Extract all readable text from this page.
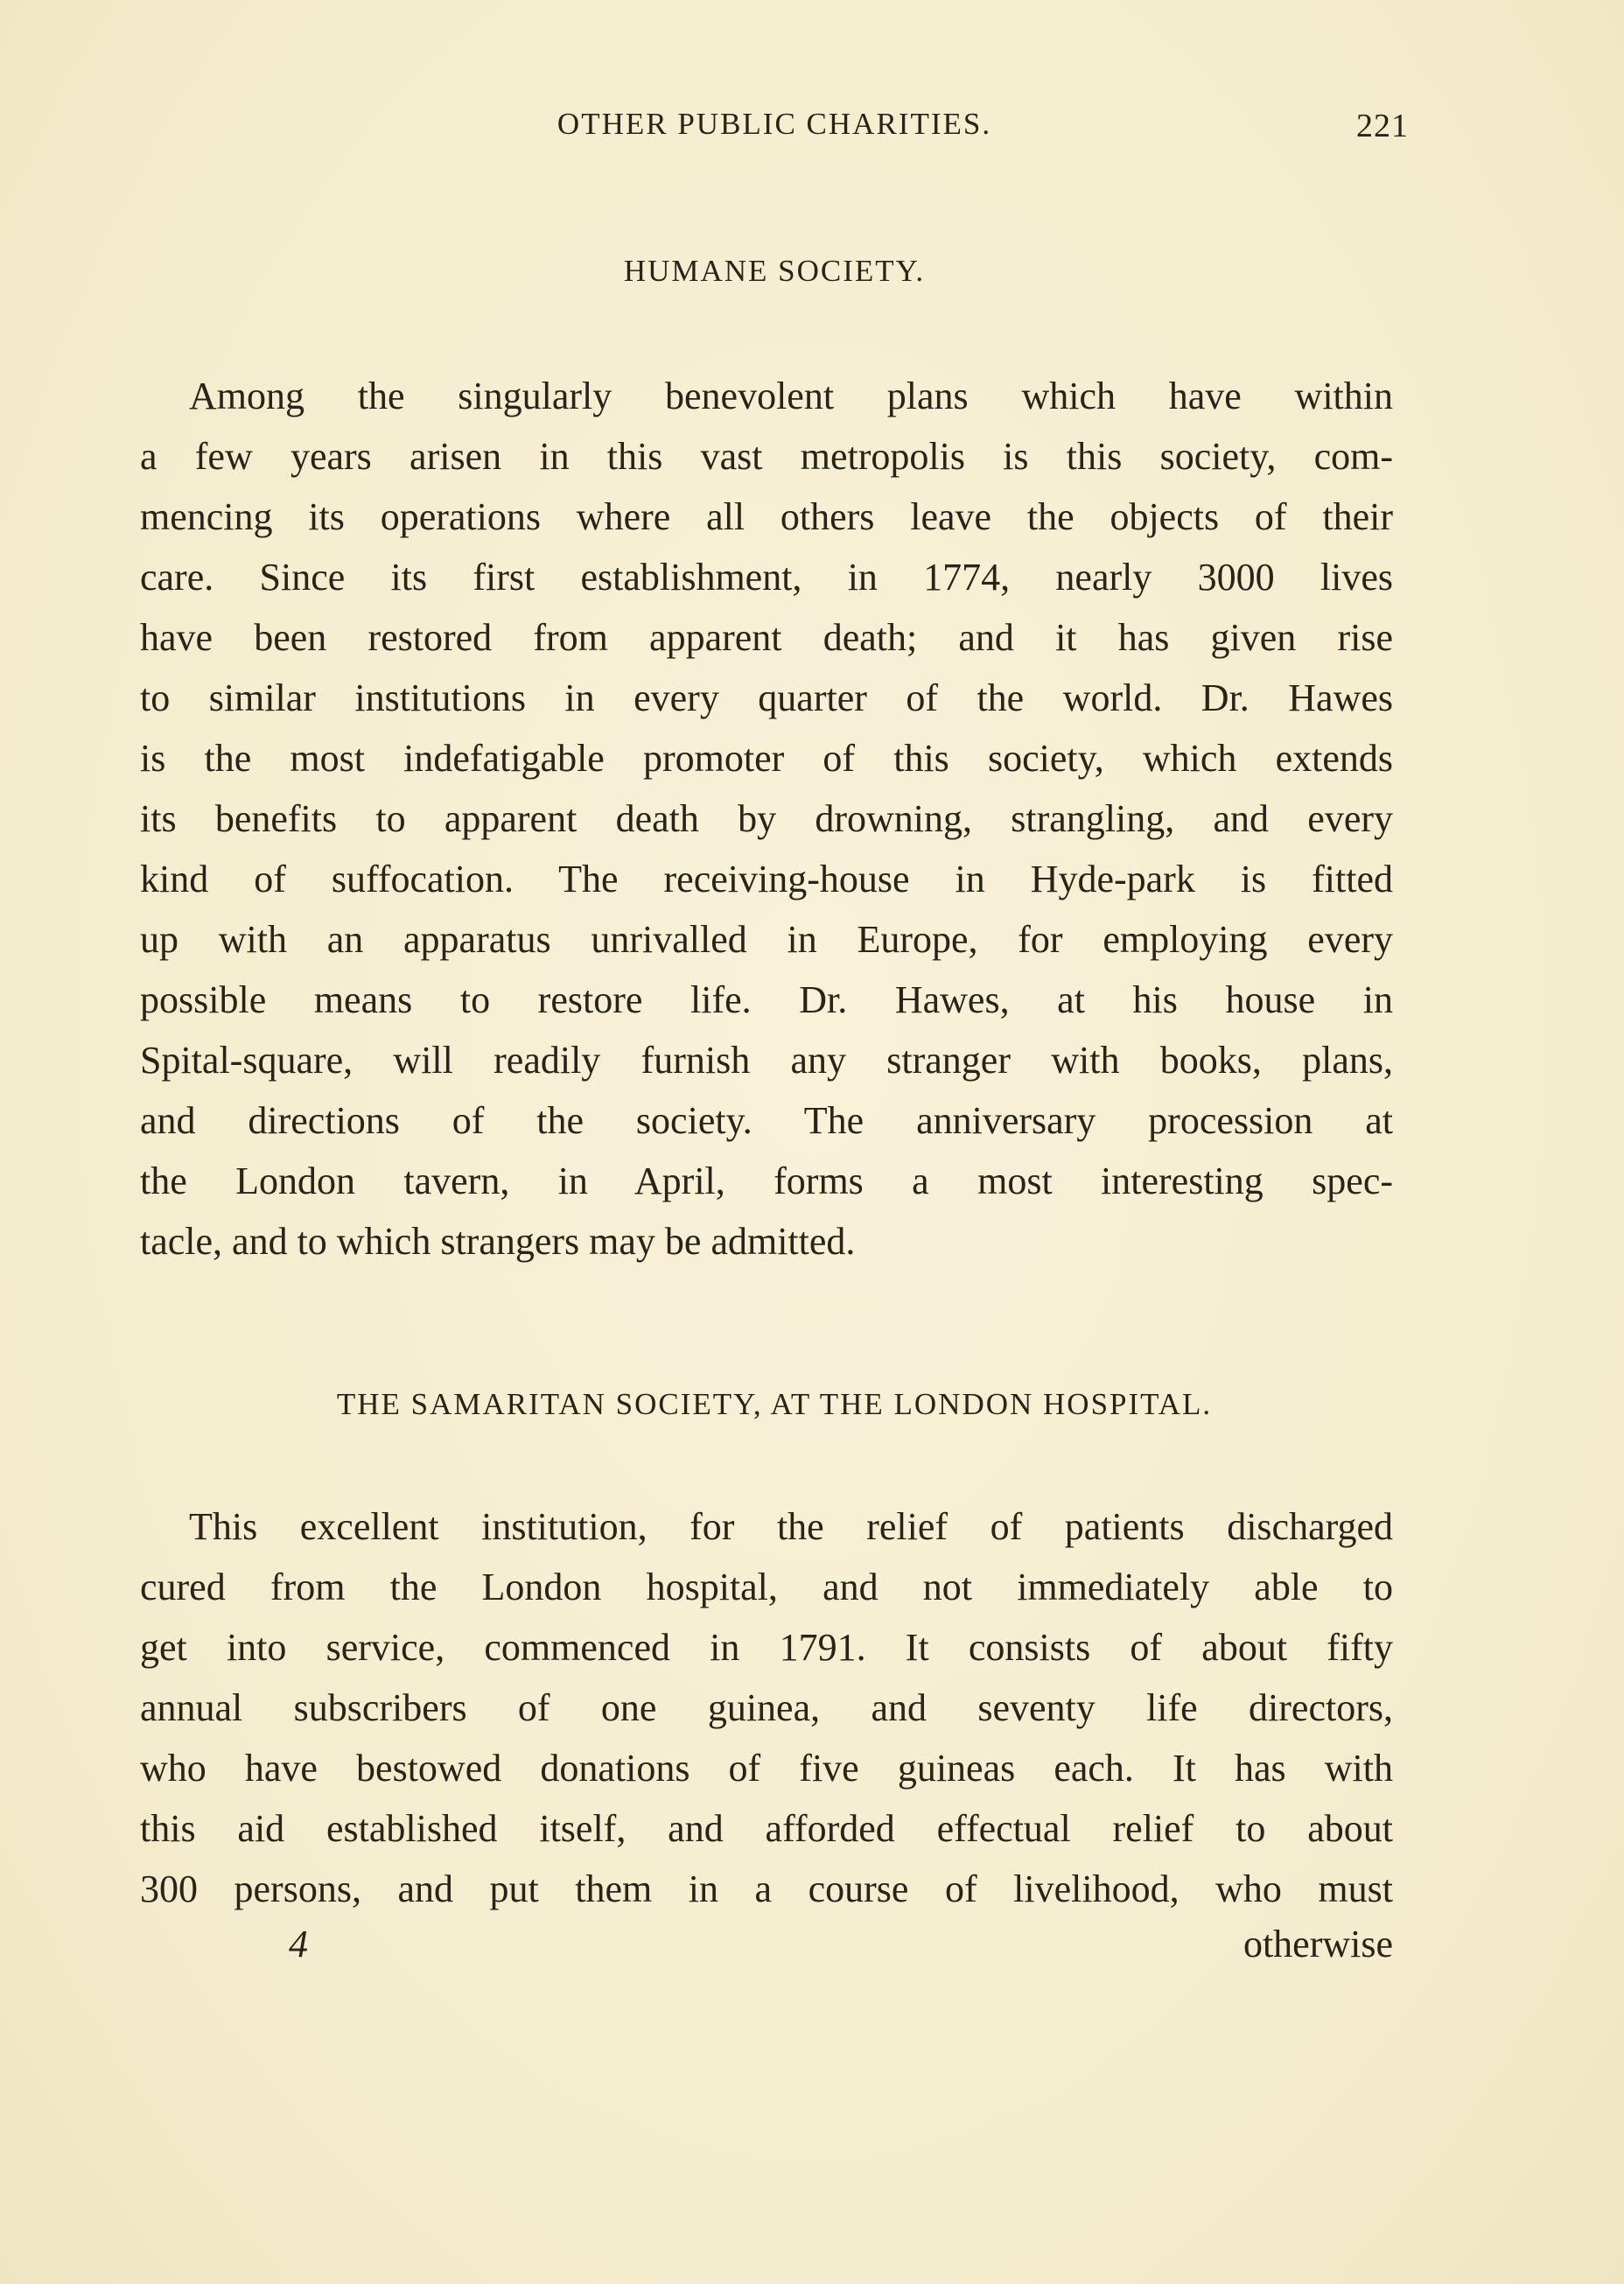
OTHER PUBLIC CHARITIES.	221
HUMANE SOCIETY.
Among the singularly benevolent plans which have within
a few years arisen in this vast metropolis is this society, com-
mencing its operations where all others leave the objects of their
care. Since its first establishment, in 1774, nearly 3000 lives
have been restored from apparent death; and it has given rise
to similar institutions in every quarter of the world. Dr. Hawes
is the most indefatigable promoter of this society, which extends
its benefits to apparent death by drowning, strangling, and every
kind of suffocation. The receiving-house in Hyde-park is fitted
up with an apparatus unrivalled in Europe, for employing every
possible means to restore life. Dr. Hawes, at his house in
Spital-square, will readily furnish any stranger with books, plans,
and directions of the society. The anniversary procession at
the London tavern, in April, forms a most interesting spec-
tacle, and to which strangers may be admitted.
THE SAMARITAN SOCIETY, AT THE LONDON HOSPITAL.
This excellent institution, for the relief of patients discharged
cured from the London hospital, and not immediately able to
get into service, commenced in 1791. It consists of about fifty
annual subscribers of one guinea, and seventy life directors,
who have bestowed donations of five guineas each. It has with
this aid established itself, and afforded effectual relief to about
300 persons, and put them in a course of livelihood, who must
4	otherwise
